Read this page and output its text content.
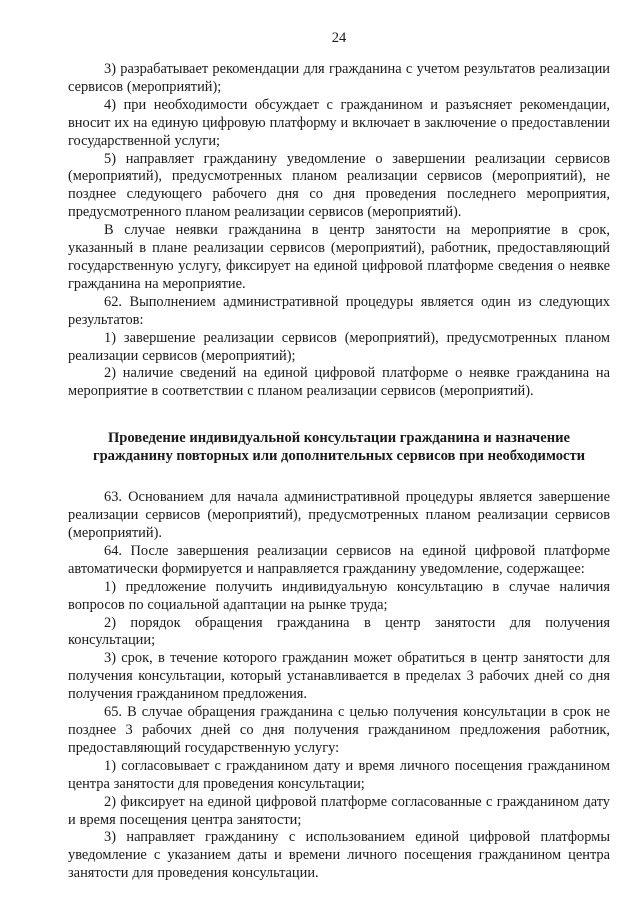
24

3) разрабатывает рекомендации для гражданина с учетом результатов реализации сервисов (мероприятий);

4) при необходимости обсуждает с гражданином и разъясняет рекомендации, вносит их на единую цифровую платформу и включает в заключение о предоставлении государственной услуги;

5) направляет гражданину уведомление о завершении реализации сервисов (мероприятий), предусмотренных планом реализации сервисов (мероприятий), не позднее следующего рабочего дня со дня проведения последнего мероприятия, предусмотренного планом реализации сервисов (мероприятий).

В случае неявки гражданина в центр занятости на мероприятие в срок, указанный в плане реализации сервисов (мероприятий), работник, предоставляющий государственную услугу, фиксирует на единой цифровой платформе сведения о неявке гражданина на мероприятие.

62. Выполнением административной процедуры является один из следующих результатов:

1) завершение реализации сервисов (мероприятий), предусмотренных планом реализации сервисов (мероприятий);

2) наличие сведений на единой цифровой платформе о неявке гражданина на мероприятие в соответствии с планом реализации сервисов (мероприятий).

Проведение индивидуальной консультации гражданина и назначение гражданину повторных или дополнительных сервисов при необходимости

63. Основанием для начала административной процедуры является завершение реализации сервисов (мероприятий), предусмотренных планом реализации сервисов (мероприятий).

64. После завершения реализации сервисов на единой цифровой платформе автоматически формируется и направляется гражданину уведомление, содержащее:

1) предложение получить индивидуальную консультацию в случае наличия вопросов по социальной адаптации на рынке труда;

2) порядок обращения гражданина в центр занятости для получения консультации;

3) срок, в течение которого гражданин может обратиться в центр занятости для получения консультации, который устанавливается в пределах 3 рабочих дней со дня получения гражданином предложения.

65. В случае обращения гражданина с целью получения консультации в срок не позднее 3 рабочих дней со дня получения гражданином предложения работник, предоставляющий государственную услугу:

1) согласовывает с гражданином дату и время личного посещения гражданином центра занятости для проведения консультации;

2) фиксирует на единой цифровой платформе согласованные с гражданином дату и время посещения центра занятости;

3) направляет гражданину с использованием единой цифровой платформы уведомление с указанием даты и времени личного посещения гражданином центра занятости для проведения консультации.
